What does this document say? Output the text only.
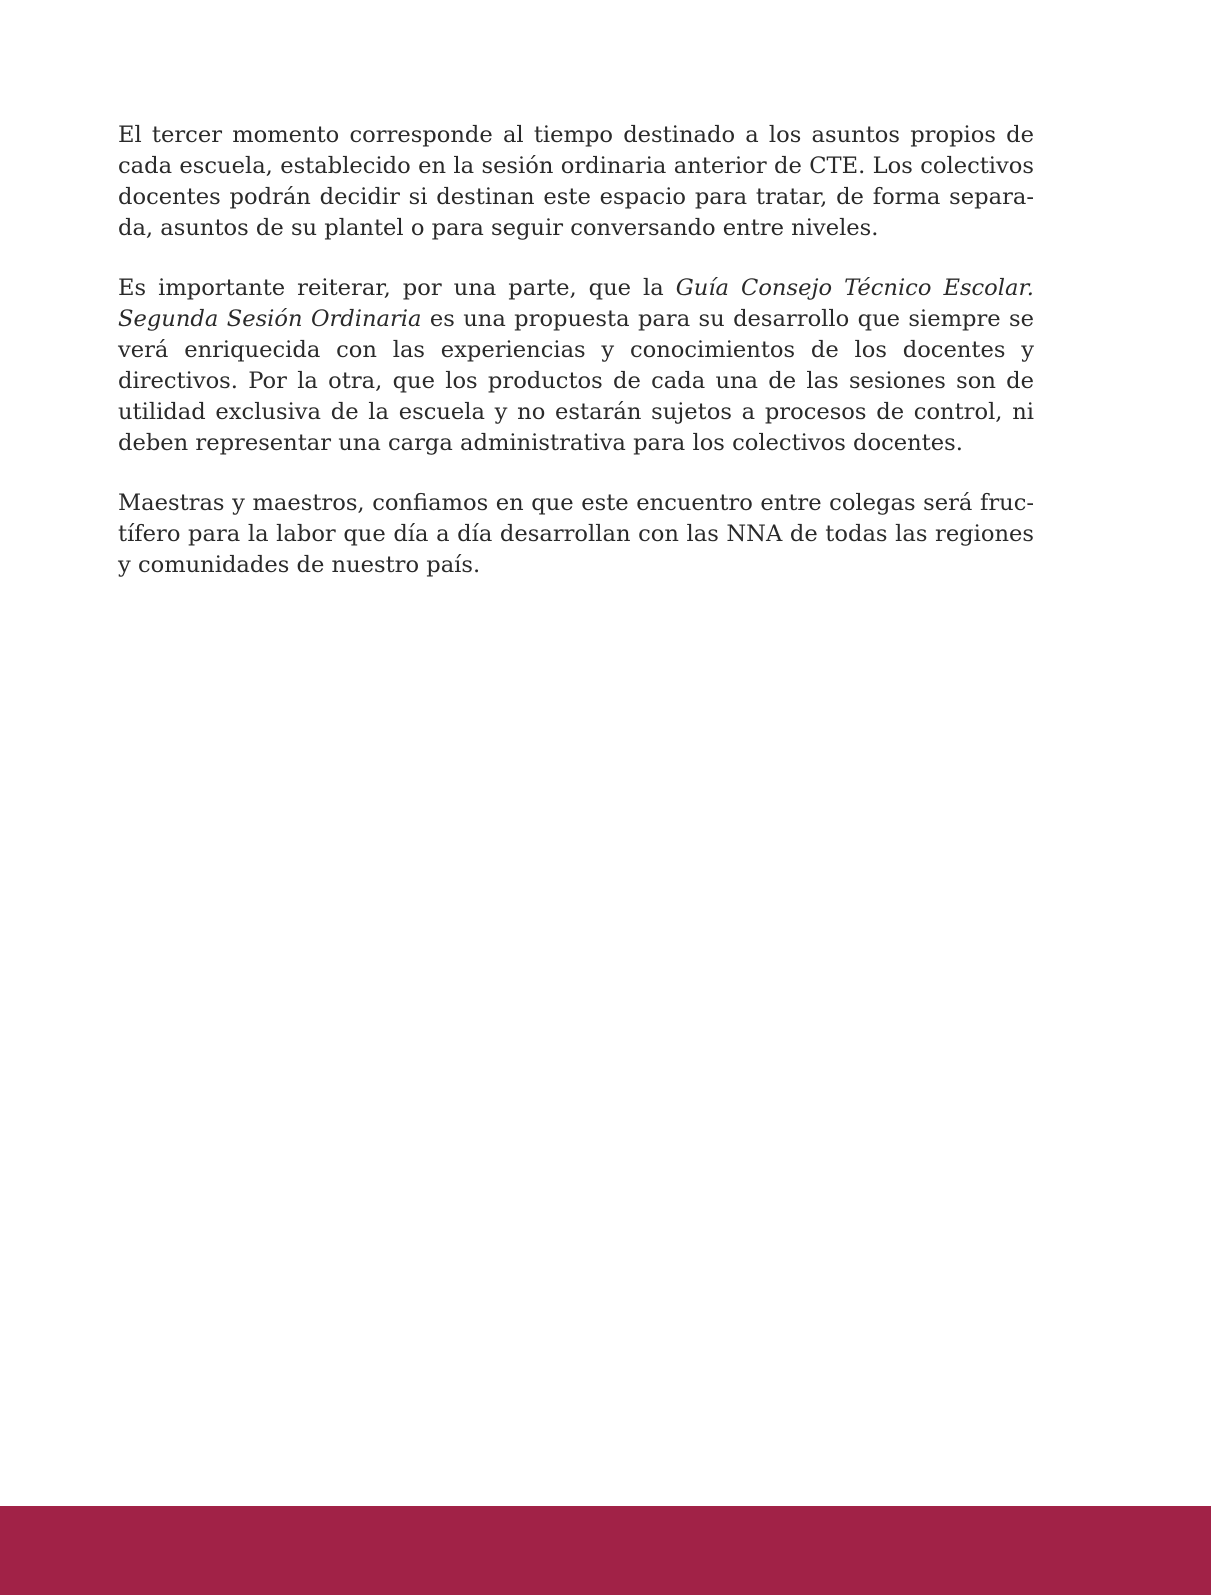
El tercer momento corresponde al tiempo destinado a los asuntos propios de cada escuela, establecido en la sesión ordinaria anterior de CTE. Los colectivos docentes podrán decidir si destinan este espacio para tratar, de forma separada, asuntos de su plantel o para seguir conversando entre niveles.

Es importante reiterar, por una parte, que la Guía Consejo Técnico Escolar. Segunda Sesión Ordinaria es una propuesta para su desarrollo que siempre se verá enriquecida con las experiencias y conocimientos de los docentes y directivos. Por la otra, que los productos de cada una de las sesiones son de utilidad exclusiva de la escuela y no estarán sujetos a procesos de control, ni deben representar una carga administrativa para los colectivos docentes.

Maestras y maestros, confiamos en que este encuentro entre colegas será fructífero para la labor que día a día desarrollan con las NNA de todas las regiones y comunidades de nuestro país.
